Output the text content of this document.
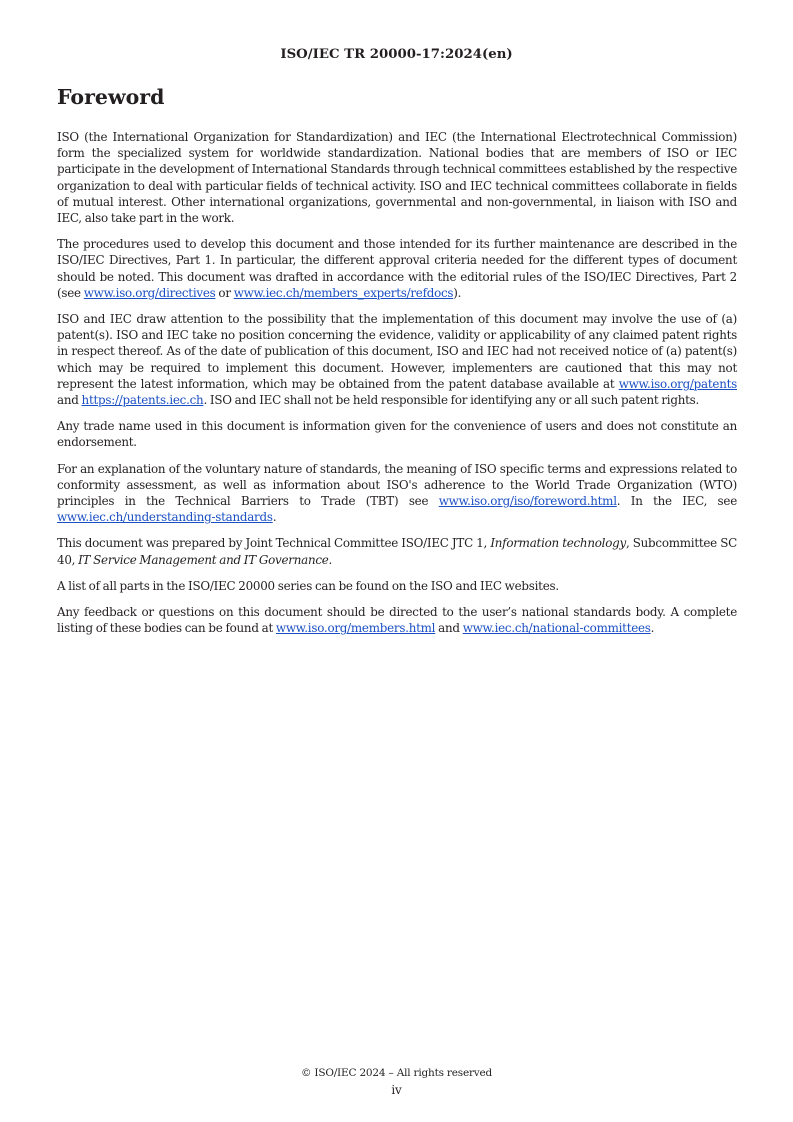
ISO/IEC TR 20000-17:2024(en)
Foreword

ISO (the International Organization for Standardization) and IEC (the International Electrotechnical Commission) form the specialized system for worldwide standardization. National bodies that are members of ISO or IEC participate in the development of International Standards through technical committees established by the respective organization to deal with particular fields of technical activity. ISO and IEC technical committees collaborate in fields of mutual interest. Other international organizations, governmental and non-governmental, in liaison with ISO and IEC, also take part in the work.

The procedures used to develop this document and those intended for its further maintenance are described in the ISO/IEC Directives, Part 1. In particular, the different approval criteria needed for the different types of document should be noted. This document was drafted in accordance with the editorial rules of the ISO/IEC Directives, Part 2 (see www.iso.org/directives or www.iec.ch/members_experts/refdocs).

ISO and IEC draw attention to the possibility that the implementation of this document may involve the use of (a) patent(s). ISO and IEC take no position concerning the evidence, validity or applicability of any claimed patent rights in respect thereof. As of the date of publication of this document, ISO and IEC had not received notice of (a) patent(s) which may be required to implement this document. However, implementers are cautioned that this may not represent the latest information, which may be obtained from the patent database available at www.iso.org/patents and https://patents.iec.ch. ISO and IEC shall not be held responsible for identifying any or all such patent rights.

Any trade name used in this document is information given for the convenience of users and does not constitute an endorsement.

For an explanation of the voluntary nature of standards, the meaning of ISO specific terms and expressions related to conformity assessment, as well as information about ISO's adherence to the World Trade Organization (WTO) principles in the Technical Barriers to Trade (TBT) see www.iso.org/iso/foreword.html. In the IEC, see www.iec.ch/understanding-standards.

This document was prepared by Joint Technical Committee ISO/IEC JTC 1, Information technology, Subcommittee SC 40, IT Service Management and IT Governance.

A list of all parts in the ISO/IEC 20000 series can be found on the ISO and IEC websites.

Any feedback or questions on this document should be directed to the user’s national standards body. A complete listing of these bodies can be found at www.iso.org/members.html and www.iec.ch/national-committees.

© ISO/IEC 2024 – All rights reserved
iv
